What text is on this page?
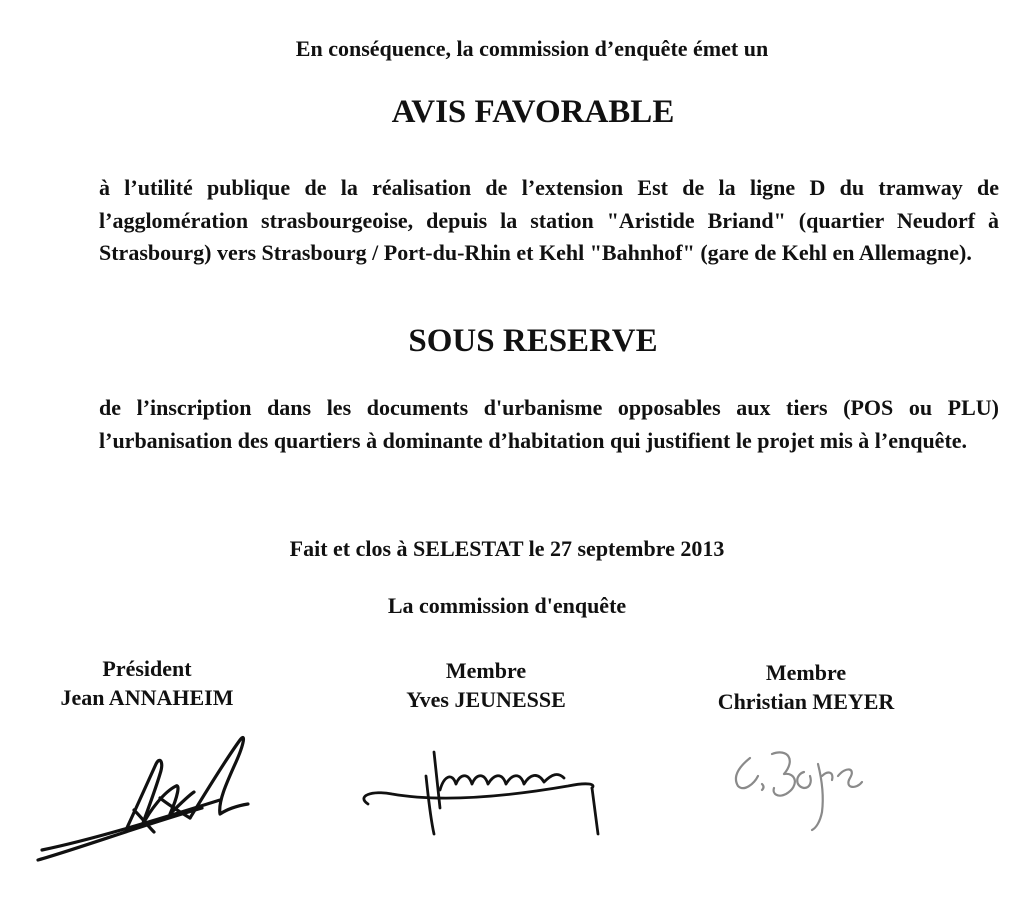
En conséquence, la commission d’enquête émet un
AVIS FAVORABLE
à l’utilité publique de la réalisation de l’extension Est de la ligne D du tramway de l’agglomération strasbourgeoise, depuis la station "Aristide Briand" (quartier Neudorf à Strasbourg) vers Strasbourg / Port-du-Rhin et Kehl "Bahnhof" (gare de Kehl en Allemagne).
SOUS RESERVE
de l’inscription dans les documents d'urbanisme opposables aux tiers (POS ou PLU) l’urbanisation des quartiers à dominante d’habitation qui justifient le projet mis à l’enquête.
Fait et clos à SELESTAT le 27 septembre 2013
La commission d'enquête
Président
Jean ANNAHEIM
Membre
Yves JEUNESSE
Membre
Christian MEYER
